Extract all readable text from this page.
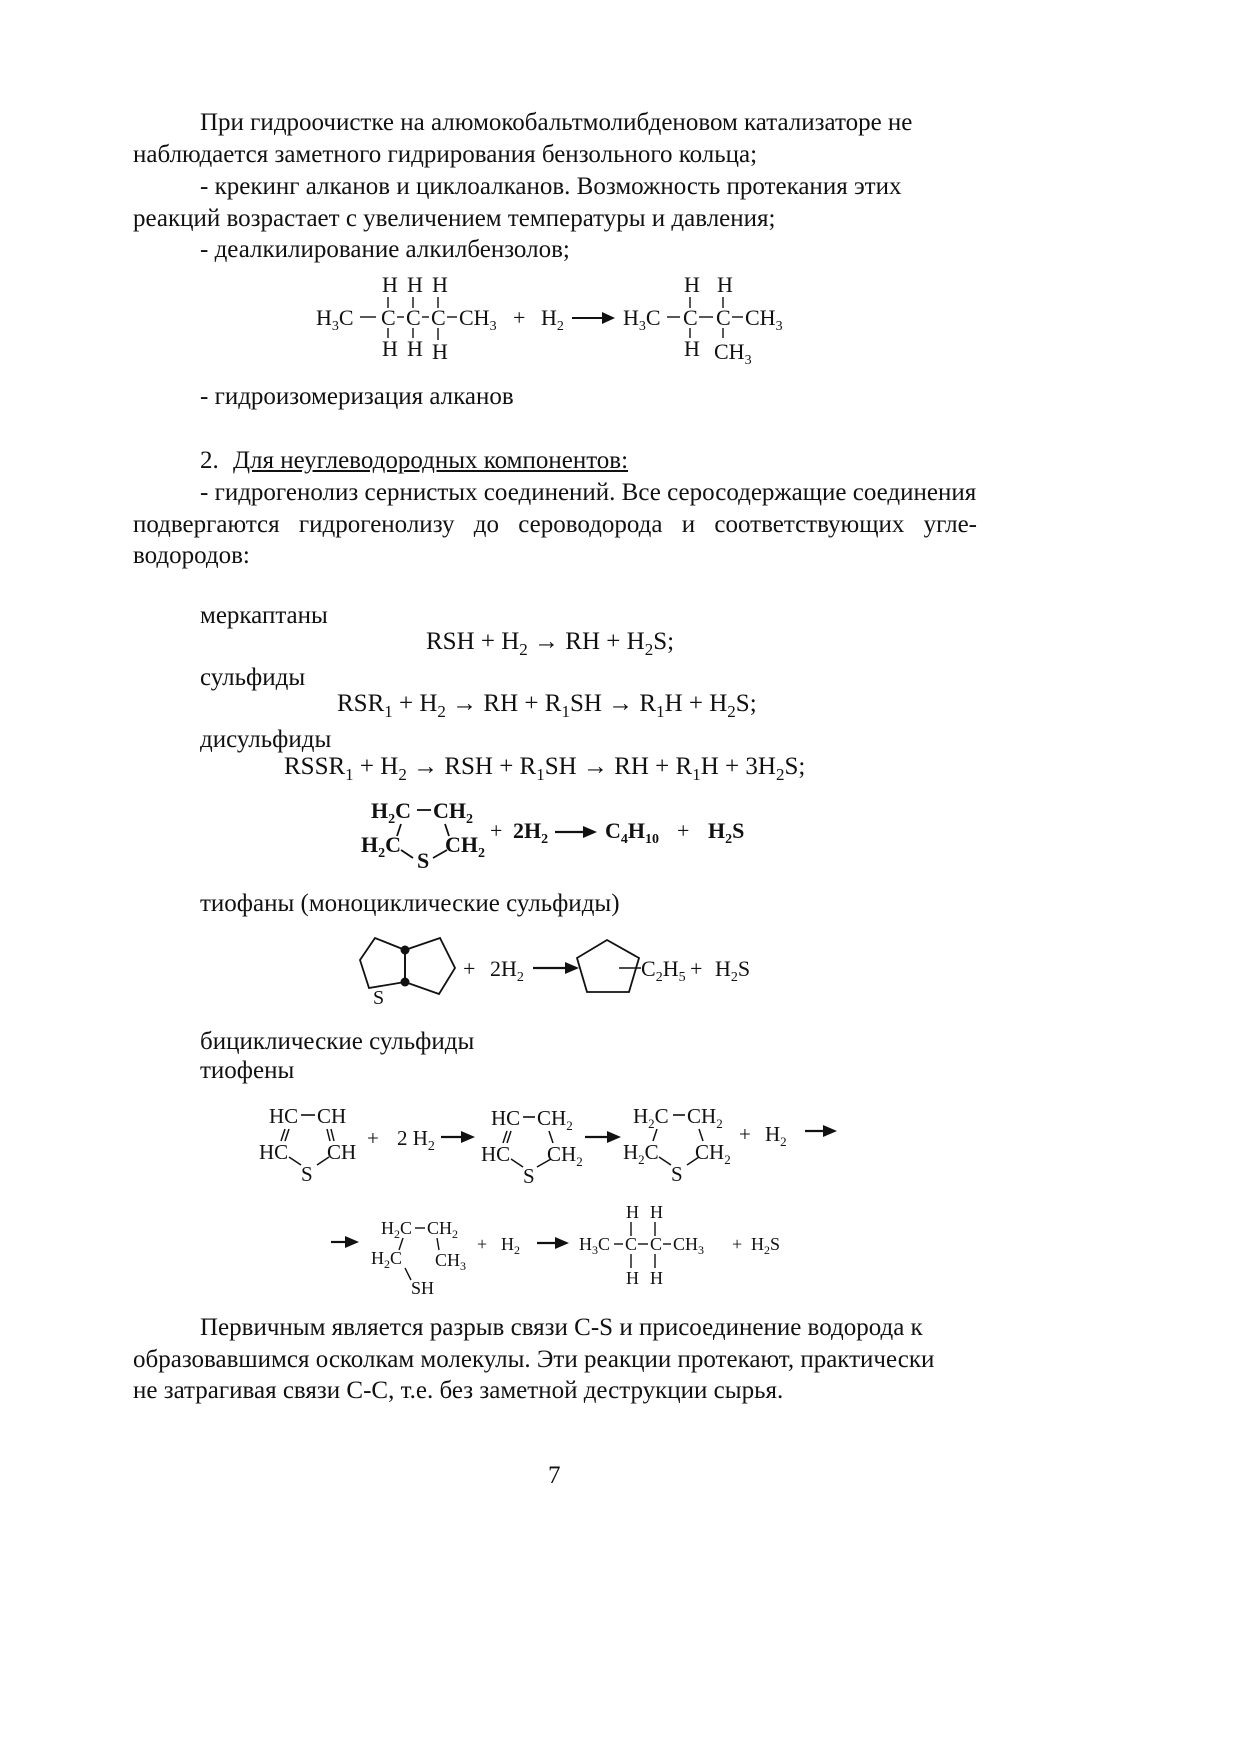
При гидроочистке на алюмокобальтмолибденовом катализаторе не
наблюдается заметного гидрирования бензольного кольца;
- крекинг алканов и циклоалканов. Возможность протекания этих
реакций возрастает с увеличением температуры и давления;
- деалкилирование алкилбензолов;
H H H
$H_3C$ C C C $CH_3$
H H H
+ $H_2$
H H
$H_3C$ C C $CH_3$
H $CH_3$
- гидроизомеризация алканов
2. Для неуглеводородных компонентов:
- гидрогенолиз сернистых соединений. Все серосодержащие соединения
подвергаются гидрогенолизу до сероводорода и соответствующих угле-
водородов:
меркаптаны
RSH + $H_2$ → RH + $H_2S$;
сульфиды
$RSR_1 + H_2$ → RH + $R_1SH \to R_1H + H_2S$;
дисульфиды
$RSSR_1 + H_2$ → RSH + $R_1SH$ → RH + $R_1H + 3H_2S$;
$H_2C$ $CH_2$
$H_2C$ $CH_2$
S
+ $2H_2$	$C_4H_{10} + H_2S$
тиофаны (моноциклические сульфиды)
S
+ $2H_2$	$C_2H_5 + H_2S$
бициклические сульфиды
тиофены
HC CH
HC CH
S
+ 2 $H_2$
HC $CH_2$
HC $CH_2$
S
$H_2C$ $CH_2$
$H_2C$ $CH_2$
S
+ $H_2$
$H_2C$ $CH_2$
$H_2C$ $CH_3$
SH
+ $H_2$
H H
$H_3C$ C C $CH_3$
H H
+ $H_2S$
Первичным является разрыв связи С-S и присоединение водорода к
образовавшимся осколкам молекулы. Эти реакции протекают, практически
не затрагивая связи С-С, т.е. без заметной деструкции сырья.
7
